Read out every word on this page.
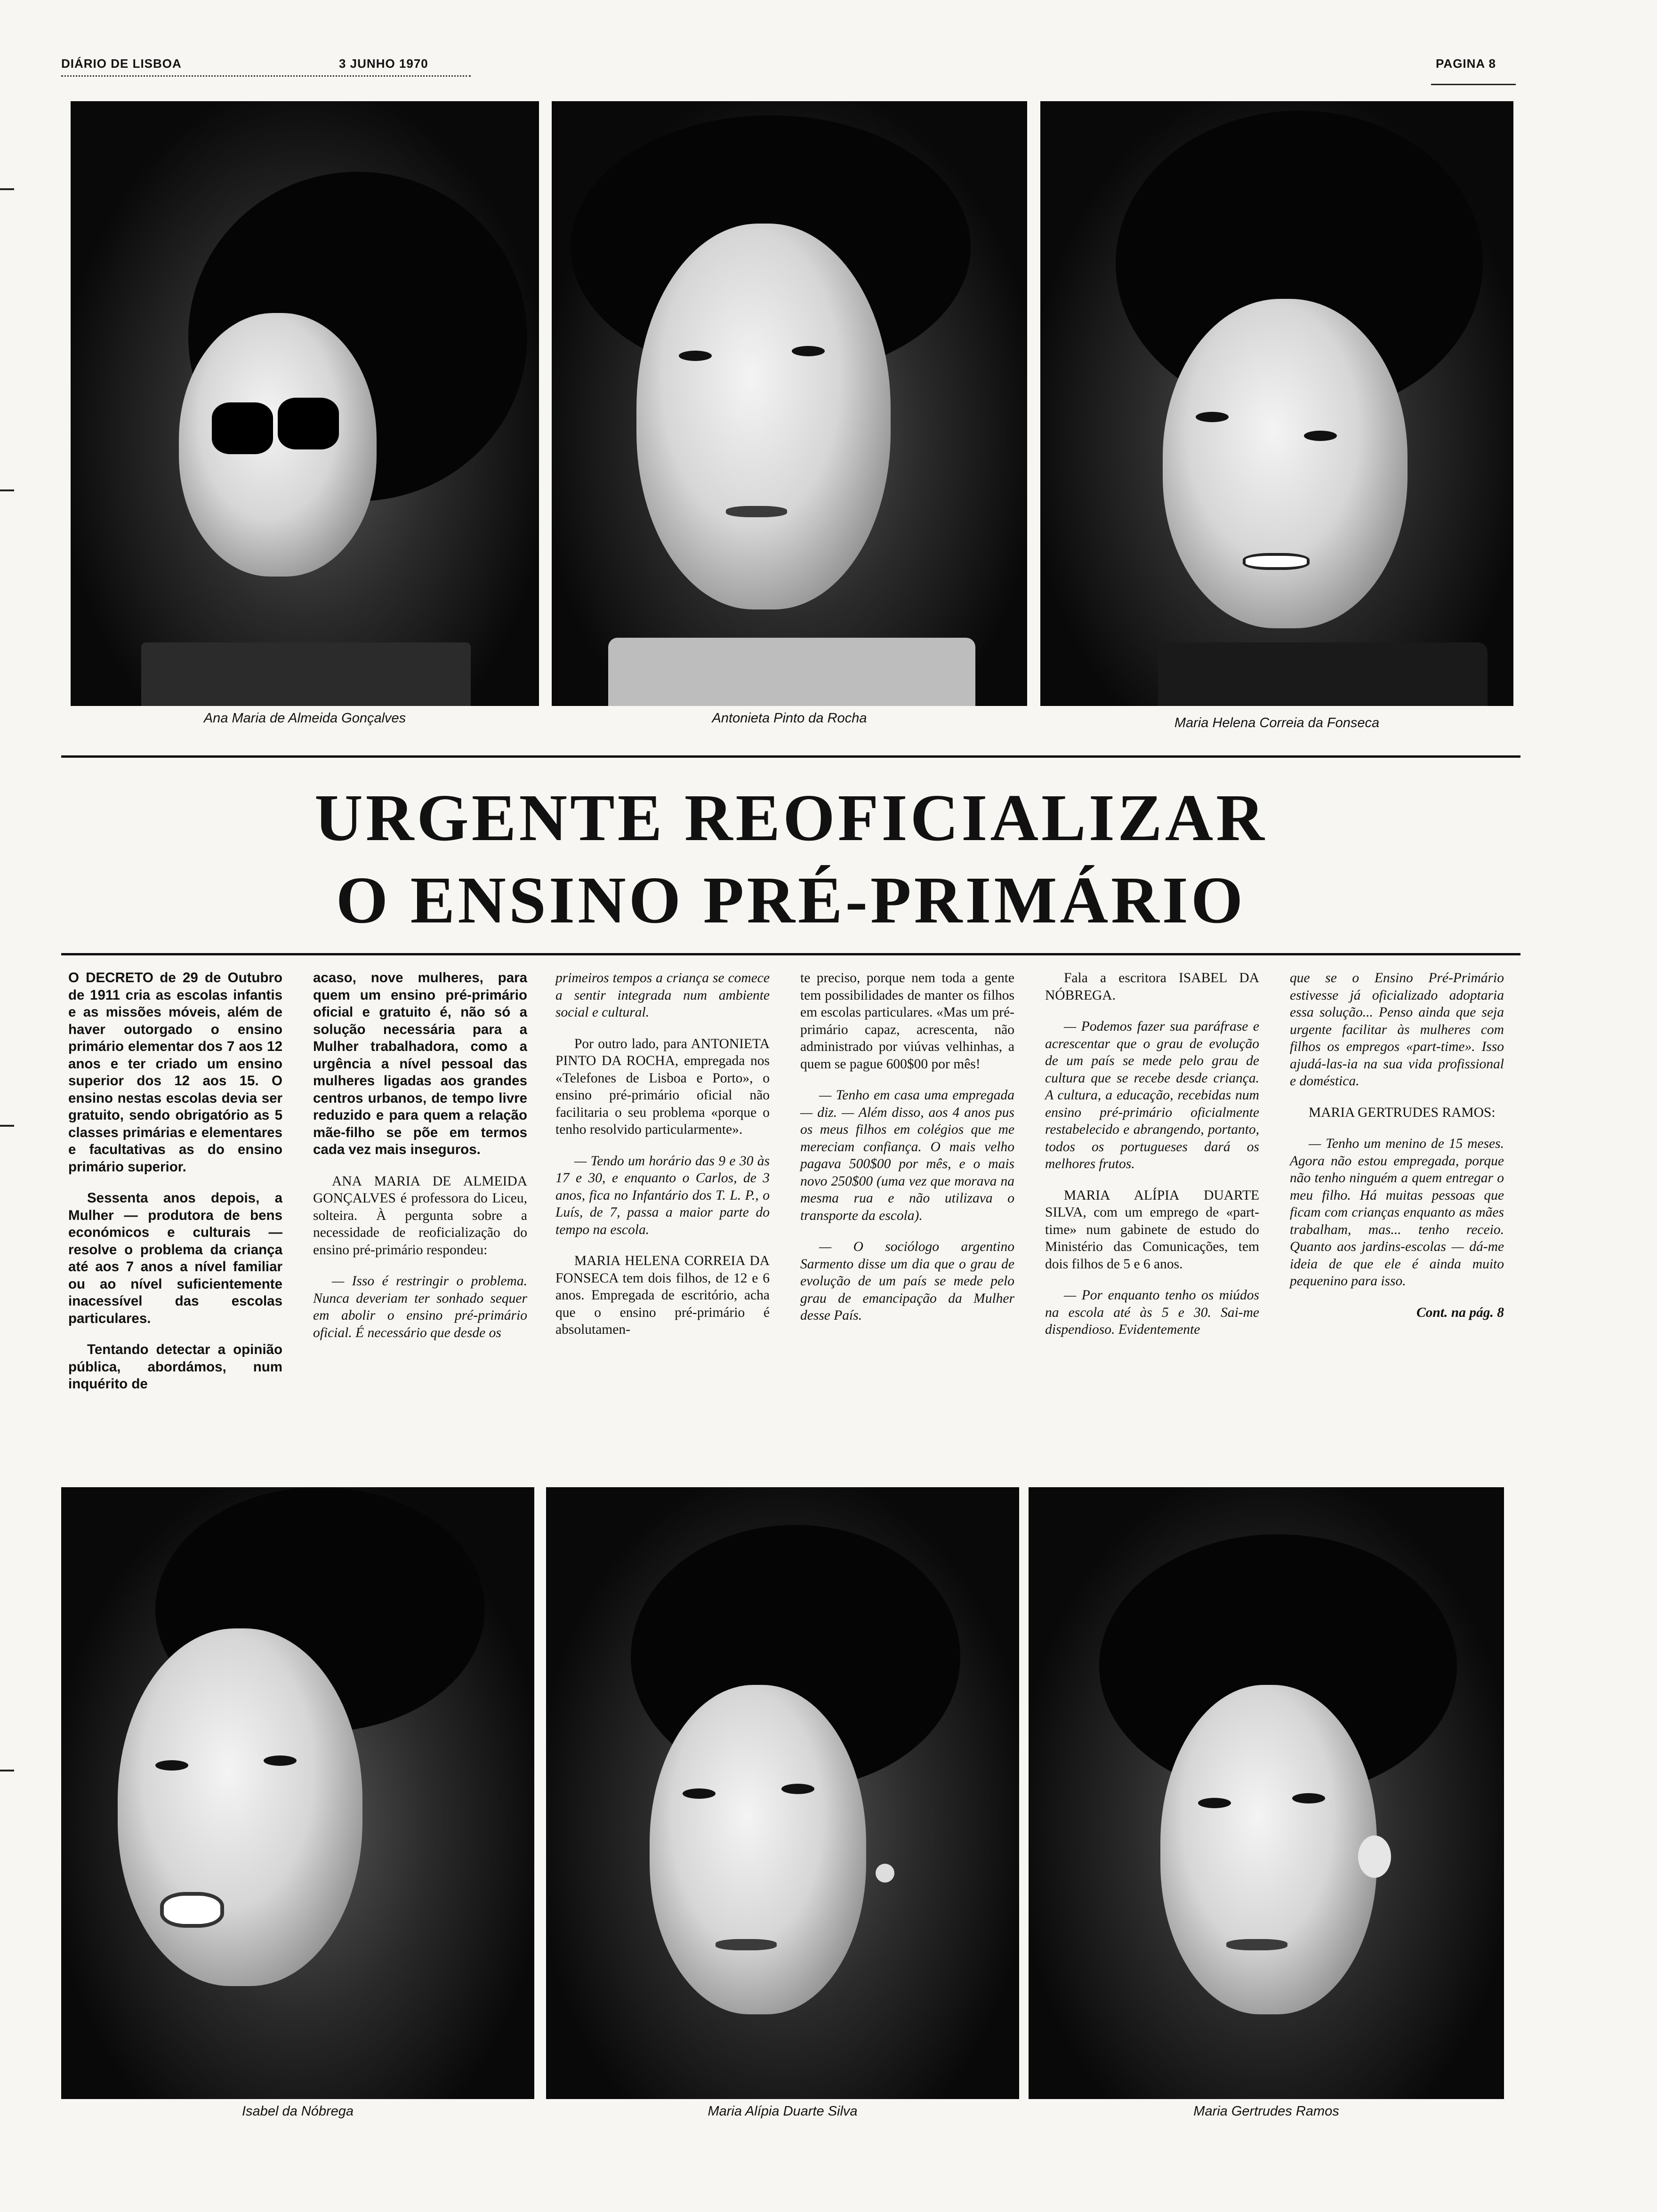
DIÁRIO DE LISBOA	3 JUNHO 1970	PAGINA 8
Ana Maria de Almeida Gonçalves	Antonieta Pinto da Rocha	Maria Helena Correia da Fonseca
URGENTE REOFICIALIZAR
O ENSINO PRÉ-PRIMÁRIO

O DECRETO de 29 de Outubro de 1911 cria as escolas infantis e as missões móveis, além de haver outorgado o ensino primário elementar dos 7 aos 12 anos e ter criado um ensino superior dos 12 aos 15. O ensino nestas escolas devia ser gratuito, sendo obrigatório as 5 classes primárias e elementares e facultativas as do ensino primário superior.

Sessenta anos depois, a Mulher — produtora de bens económicos e culturais — resolve o problema da criança até aos 7 anos a nível familiar ou ao nível suficientemente inacessível das escolas particulares.

Tentando detectar a opinião pública, abordámos, num inquérito de

acaso, nove mulheres, para quem um ensino pré-primário oficial e gratuito é, não só a solução necessária para a Mulher trabalhadora, como a urgência a nível pessoal das mulheres ligadas aos grandes centros urbanos, de tempo livre reduzido e para quem a relação mãe-filho se põe em termos cada vez mais inseguros.

ANA MARIA DE ALMEIDA GONÇALVES é professora do Liceu, solteira. À pergunta sobre a necessidade de reoficialização do ensino pré-primário respondeu:

— Isso é restringir o problema. Nunca deveriam ter sonhado sequer em abolir o ensino pré-primário oficial. É necessário que desde os

primeiros tempos a criança se comece a sentir integrada num ambiente social e cultural.

Por outro lado, para ANTONIETA PINTO DA ROCHA, empregada nos «Telefones de Lisboa e Porto», o ensino pré-primário oficial não facilitaria o seu problema «porque o tenho resolvido particularmente».

— Tendo um horário das 9 e 30 às 17 e 30, e enquanto o Carlos, de 3 anos, fica no Infantário dos T. L. P., o Luís, de 7, passa a maior parte do tempo na escola.

MARIA HELENA CORREIA DA FONSECA tem dois filhos, de 12 e 6 anos. Empregada de escritório, acha que o ensino pré-primário é absolutamen-

te preciso, porque nem toda a gente tem possibilidades de manter os filhos em escolas particulares. «Mas um pré-primário capaz, acrescenta, não administrado por viúvas velhinhas, a quem se pague 600$00 por mês!

— Tenho em casa uma empregada — diz. — Além disso, aos 4 anos pus os meus filhos em colégios que me mereciam confiança. O mais velho pagava 500$00 por mês, e o mais novo 250$00 (uma vez que morava na mesma rua e não utilizava o transporte da escola).

— O sociólogo argentino Sarmento disse um dia que o grau de evolução de um país se mede pelo grau de emancipação da Mulher desse País.

Fala a escritora ISABEL DA NÓBREGA.

— Podemos fazer sua paráfrase e acrescentar que o grau de evolução de um país se mede pelo grau de cultura que se recebe desde criança. A cultura, a educação, recebidas num ensino pré-primário oficialmente restabelecido e abrangendo, portanto, todos os portugueses dará os melhores frutos.

MARIA ALÍPIA DUARTE SILVA, com um emprego de «part-time» num gabinete de estudo do Ministério das Comunicações, tem dois filhos de 5 e 6 anos.

— Por enquanto tenho os miúdos na escola até às 5 e 30. Sai-me dispendioso. Evidentemente

que se o Ensino Pré-Primário estivesse já oficializado adoptaria essa solução... Penso ainda que seja urgente facilitar às mulheres com filhos os empregos «part-time». Isso ajudá-las-ia na sua vida profissional e doméstica.

MARIA GERTRUDES RAMOS:

— Tenho um menino de 15 meses. Agora não estou empregada, porque não tenho ninguém a quem entregar o meu filho. Há muitas pessoas que ficam com crianças enquanto as mães trabalham, mas... tenho receio. Quanto aos jardins-escolas — dá-me ideia de que ele é ainda muito pequenino para isso.

Cont. na pág. 8

Isabel da Nóbrega	Maria Alípia Duarte Silva	Maria Gertrudes Ramos
